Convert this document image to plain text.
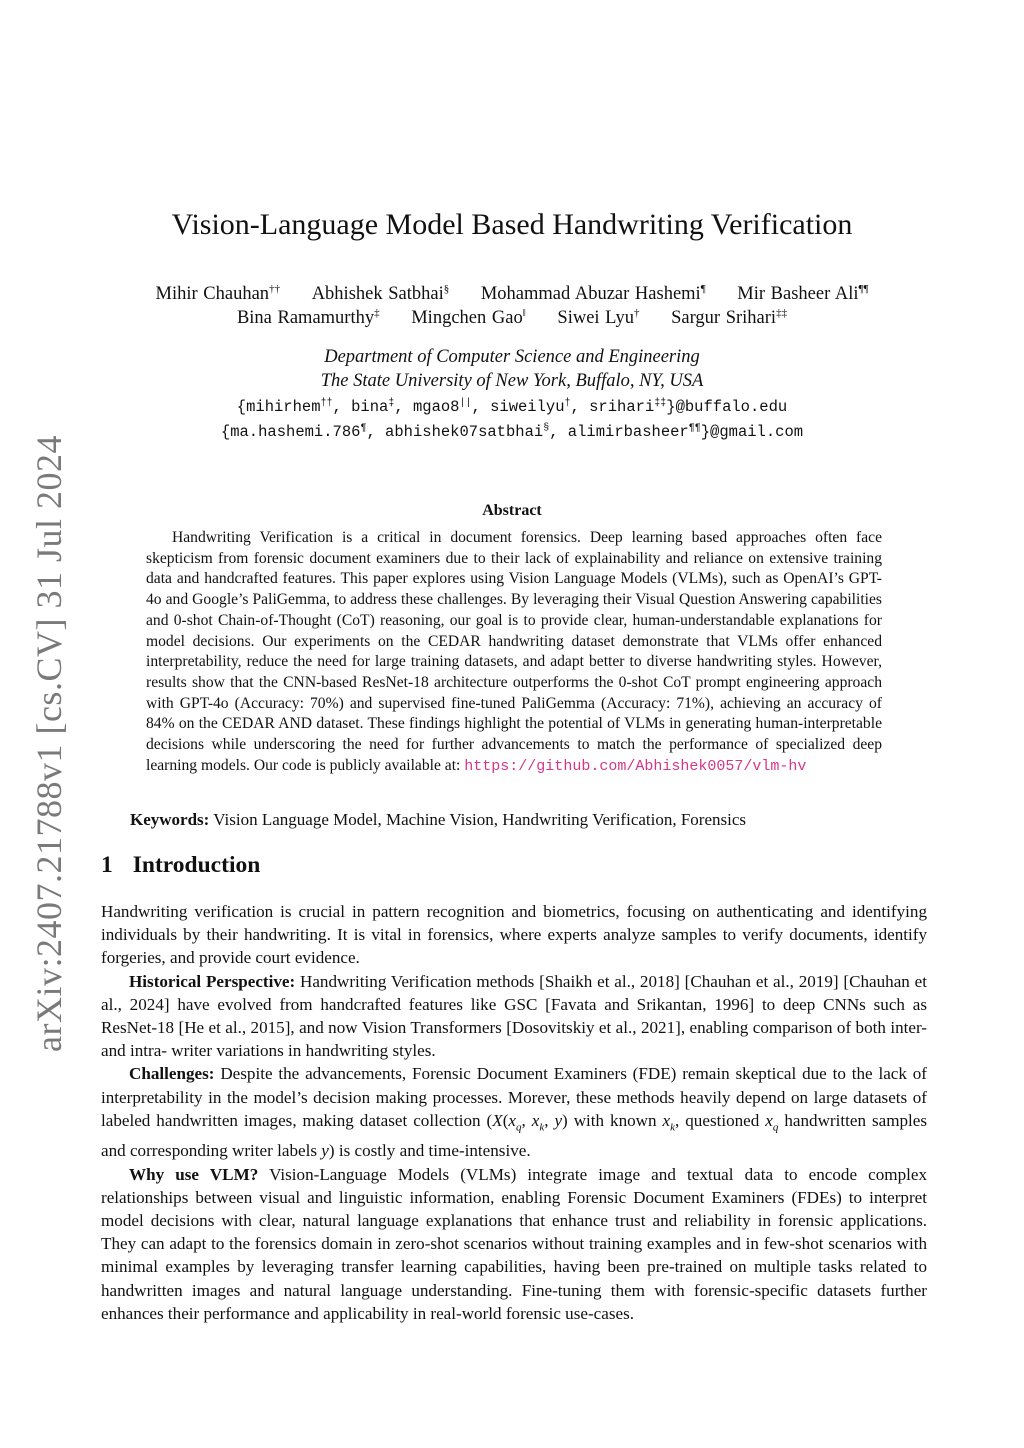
arXiv:2407.21788v1 [cs.CV] 31 Jul 2024
Vision-Language Model Based Handwriting Verification
Mihir Chauhan†† Abhishek Satbhai§ Mohammad Abuzar Hashemi¶ Mir Basheer Ali¶¶
Bina Ramamurthy‡ Mingchen Gao‖ Siwei Lyu† Sargur Srihari‡‡
Department of Computer Science and Engineering
The State University of New York, Buffalo, NY, USA
{mihirhem††, bina‡, mgao8||, siweilyu†, srihari‡‡}@buffalo.edu
{ma.hashemi.786¶, abhishek07satbhai§, alimirbasheer¶¶}@gmail.com
Abstract
Handwriting Verification is a critical in document forensics. Deep learning based approaches often face skepticism from forensic document examiners due to their lack of explainability and reliance on extensive training data and handcrafted features. This paper explores using Vision Language Models (VLMs), such as OpenAI’s GPT-4o and Google’s PaliGemma, to address these challenges. By leveraging their Visual Question Answering capabilities and 0-shot Chain-of-Thought (CoT) reasoning, our goal is to provide clear, human-understandable explanations for model decisions. Our experiments on the CEDAR handwriting dataset demonstrate that VLMs offer enhanced interpretability, reduce the need for large training datasets, and adapt better to diverse handwriting styles. However, results show that the CNN-based ResNet-18 architecture outperforms the 0-shot CoT prompt engineering approach with GPT-4o (Accuracy: 70%) and supervised fine-tuned PaliGemma (Accuracy: 71%), achieving an accuracy of 84% on the CEDAR AND dataset. These findings highlight the potential of VLMs in generating human-interpretable decisions while underscoring the need for further advancements to match the performance of specialized deep learning models. Our code is publicly available at: https://github.com/Abhishek0057/vlm-hv
Keywords: Vision Language Model, Machine Vision, Handwriting Verification, Forensics
1 Introduction

Handwriting verification is crucial in pattern recognition and biometrics, focusing on authenticating and identifying individuals by their handwriting. It is vital in forensics, where experts analyze samples to verify documents, identify forgeries, and provide court evidence.

Historical Perspective: Handwriting Verification methods [Shaikh et al., 2018] [Chauhan et al., 2019] [Chauhan et al., 2024] have evolved from handcrafted features like GSC [Favata and Srikantan, 1996] to deep CNNs such as ResNet-18 [He et al., 2015], and now Vision Transformers [Dosovitskiy et al., 2021], enabling comparison of both inter- and intra- writer variations in handwriting styles.

Challenges: Despite the advancements, Forensic Document Examiners (FDE) remain skeptical due to the lack of interpretability in the model’s decision making processes. Morever, these methods heavily depend on large datasets of labeled handwritten images, making dataset collection ($X(x_q$, $x_k$, y) with known $x_k$, questioned $x_q$ handwritten samples and corresponding writer labels y) is costly and time-intensive.

Why use VLM? Vision-Language Models (VLMs) integrate image and textual data to encode complex relationships between visual and linguistic information, enabling Forensic Document Examiners (FDEs) to interpret model decisions with clear, natural language explanations that enhance trust and reliability in forensic applications. They can adapt to the forensics domain in zero-shot scenarios without training examples and in few-shot scenarios with minimal examples by leveraging transfer learning capabilities, having been pre-trained on multiple tasks related to handwritten images and natural language understanding. Fine-tuning them with forensic-specific datasets further enhances their performance and applicability in real-world forensic use-cases.
